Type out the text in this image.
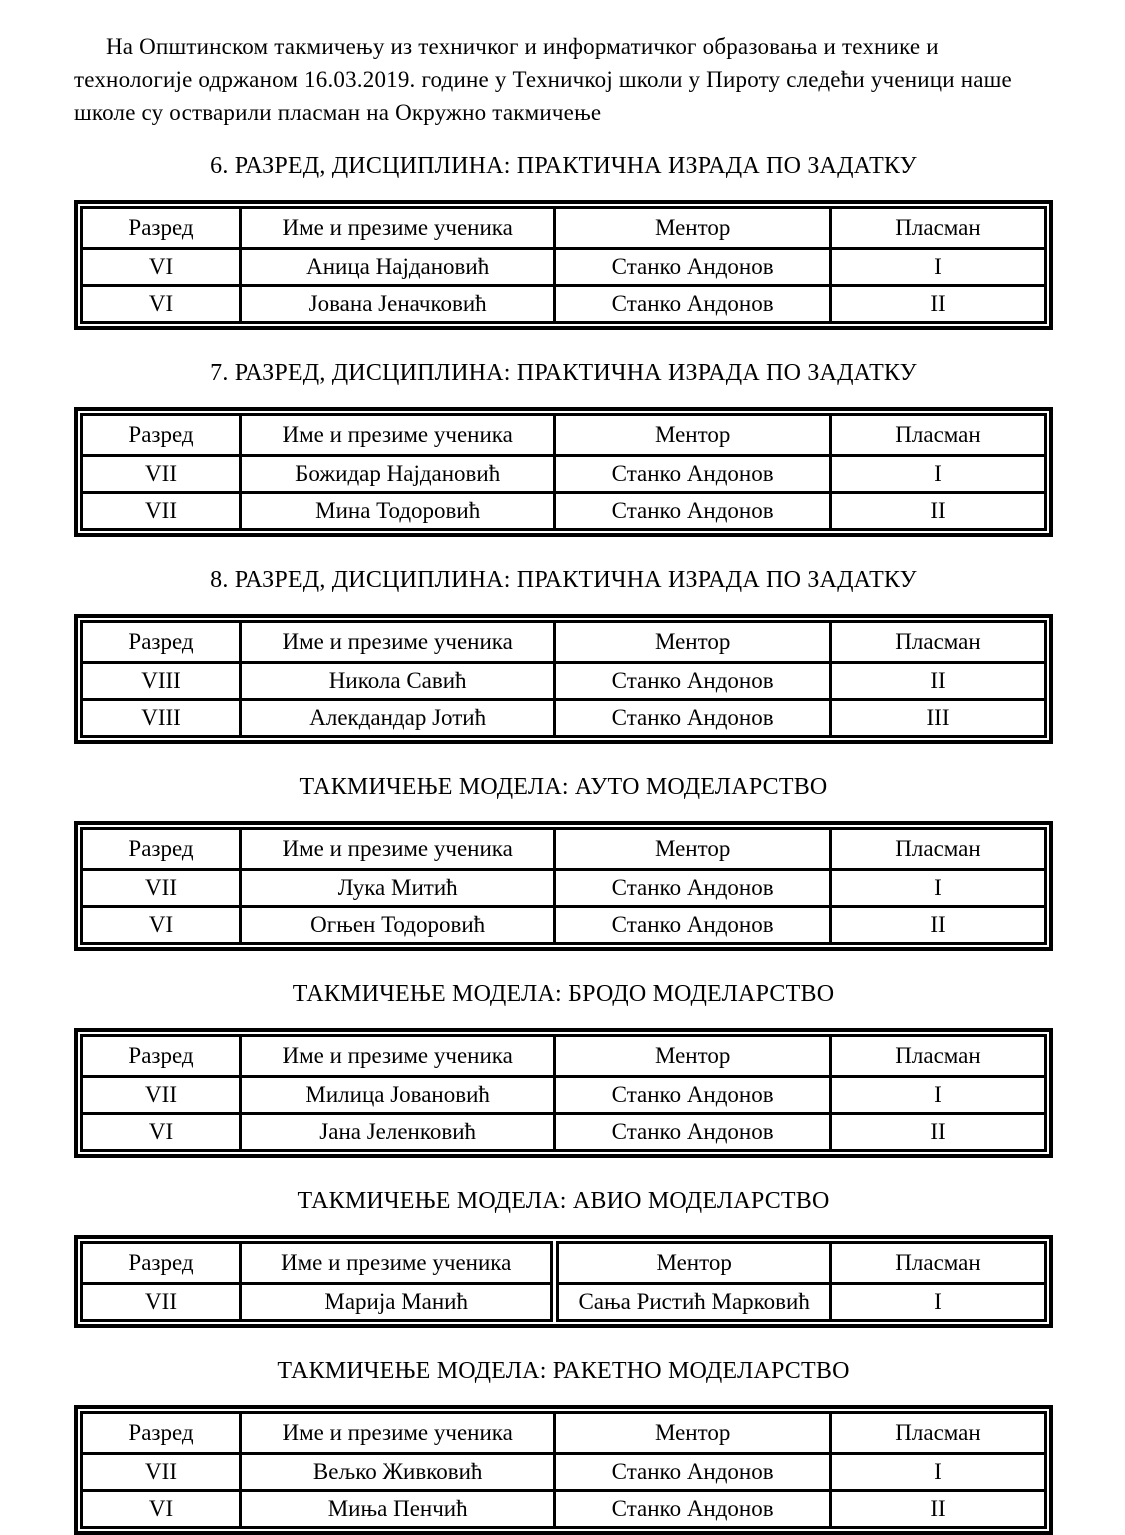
На Општинском такмичењу из техничког и информатичког образовања и технике и технологије одржаном 16.03.2019. године у Техничкој школи у Пироту следећи ученици наше школе су остварили пласман на Окружно такмичење

6. РАЗРЕД, ДИСЦИПЛИНА: ПРАКТИЧНА ИЗРАДА ПО ЗАДАТКУ
Разред	Име и презиме ученика	Ментор	Пласман
VI	Аница Најдановић	Станко Андонов	I
VI	Јована Јеначковић	Станко Андонов	II
7. РАЗРЕД, ДИСЦИПЛИНА: ПРАКТИЧНА ИЗРАДА ПО ЗАДАТКУ
Разред	Име и презиме ученика	Ментор	Пласман
VII	Божидар Најдановић	Станко Андонов	I
VII	Мина Тодоровић	Станко Андонов	II
8. РАЗРЕД, ДИСЦИПЛИНА: ПРАКТИЧНА ИЗРАДА ПО ЗАДАТКУ
Разред	Име и презиме ученика	Ментор	Пласман
VIII	Никола Савић	Станко Андонов	II
VIII	Алекдандар Јотић	Станко Андонов	III
ТАКМИЧЕЊЕ МОДЕЛА: АУТО МОДЕЛАРСТВО
Разред	Име и презиме ученика	Ментор	Пласман
VII	Лука Митић	Станко Андонов	I
VI	Огњен Тодоровић	Станко Андонов	II
ТАКМИЧЕЊЕ МОДЕЛА: БРОДО МОДЕЛАРСТВО
Разред	Име и презиме ученика	Ментор	Пласман
VII	Милица Јовановић	Станко Андонов	I
VI	Јана Јеленковић	Станко Андонов	II
ТАКМИЧЕЊЕ МОДЕЛА: АВИО МОДЕЛАРСТВО
Разред	Име и презиме ученика	Ментор	Пласман
VII	Марија Манић	Сања Ристић Марковић	I
ТАКМИЧЕЊЕ МОДЕЛА: РАКЕТНО МОДЕЛАРСТВО
Разред	Име и презиме ученика	Ментор	Пласман
VII	Вељко Живковић	Станко Андонов	I
VI	Миња Пенчић	Станко Андонов	II
